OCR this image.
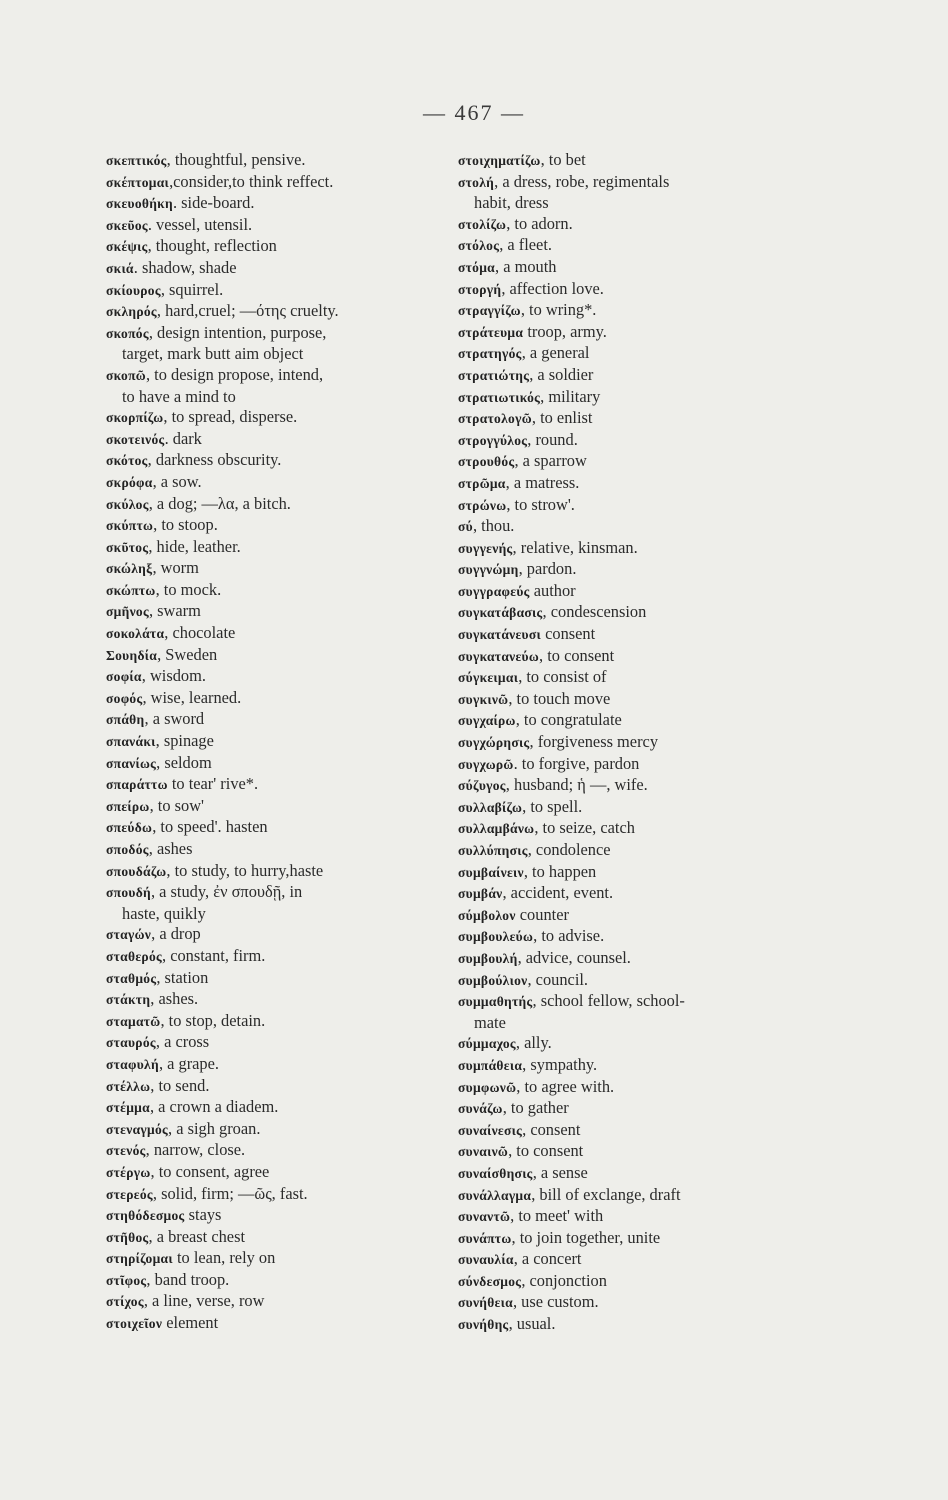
— 467 —
σκεπτικός, thoughtful, pensive.
σκέπτομαι,consider,to think reffect.
σκευοθήκη. side-board.
σκεῦος. vessel, utensil.
σκέψις, thought, reflection
σκιά. shadow, shade
σκίουρος, squirrel.
σκληρός, hard,cruel; —ότης cruelty.
σκοπός, design intention, purpose,
target, mark butt aim object
σκοπῶ, to design propose, intend,
to have a mind to
σκορπίζω, to spread, disperse.
σκοτεινός. dark
σκότος, darkness obscurity.
σκρόφα, a sow.
σκύλος, a dog; —λα, a bitch.
σκύπτω, to stoop.
σκῦτος, hide, leather.
σκώληξ, worm
σκώπτω, to mock.
σμῆνος, swarm
σοκολάτα, chocolate
Σουηδία, Sweden
σοφία, wisdom.
σοφός, wise, learned.
σπάθη, a sword
σπανάκι, spinage
σπανίως, seldom
σπαράττω to tear' rive*.
σπείρω, to sow'
σπεύδω, to speed'. hasten
σποδός, ashes
σπουδάζω, to study, to hurry,haste
σπουδή, a study, ἐν σπουδῇ, in
haste, quikly
σταγών, a drop
σταθερός, constant, firm.
σταθμός, station
στάκτη, ashes.
σταματῶ, to stop, detain.
σταυρός, a cross
σταφυλή, a grape.
στέλλω, to send.
στέμμα, a crown a diadem.
στεναγμός, a sigh groan.
στενός, narrow, close.
στέργω, to consent, agree
στερεός, solid, firm; —ῶς, fast.
στηθόδεσμος stays
στῆθος, a breast chest
στηρίζομαι to lean, rely on
στῖφος, band troop.
στίχος, a line, verse, row
στοιχεῖον element
στοιχηματίζω, to bet
στολή, a dress, robe, regimentals
habit, dress
στολίζω, to adorn.
στόλος, a fleet.
στόμα, a mouth
στοργή, affection love.
στραγγίζω, to wring*.
στράτευμα troop, army.
στρατηγός, a general
στρατιώτης, a soldier
στρατιωτικός, military
στρατολογῶ, to enlist
στρογγύλος, round.
στρουθός, a sparrow
στρῶμα, a matress.
στρώνω, to strow'.
σύ, thou.
συγγενής, relative, kinsman.
συγγνώμη, pardon.
συγγραφεύς author
συγκατάβασις, condescension
συγκατάνευσι consent
συγκατανεύω, to consent
σύγκειμαι, to consist of
συγκινῶ, to touch move
συγχαίρω, to congratulate
συγχώρησις, forgiveness mercy
συγχωρῶ. to forgive, pardon
σύζυγος, husband; ἡ —, wife.
συλλαβίζω, to spell.
συλλαμβάνω, to seize, catch
συλλύπησις, condolence
συμβαίνειν, to happen
συμβάν, accident, event.
σύμβολον counter
συμβουλεύω, to advise.
συμβουλή, advice, counsel.
συμβούλιον, council.
συμμαθητής, school fellow, school-
mate
σύμμαχος, ally.
συμπάθεια, sympathy.
συμφωνῶ, to agree with.
συνάζω, to gather
συναίνεσις, consent
συναινῶ, to consent
συναίσθησις, a sense
συνάλλαγμα, bill of exclange, draft
συναντῶ, to meet' with
συνάπτω, to join together, unite
συναυλία, a concert
σύνδεσμος, conjonction
συνήθεια, use custom.
συνήθης, usual.
